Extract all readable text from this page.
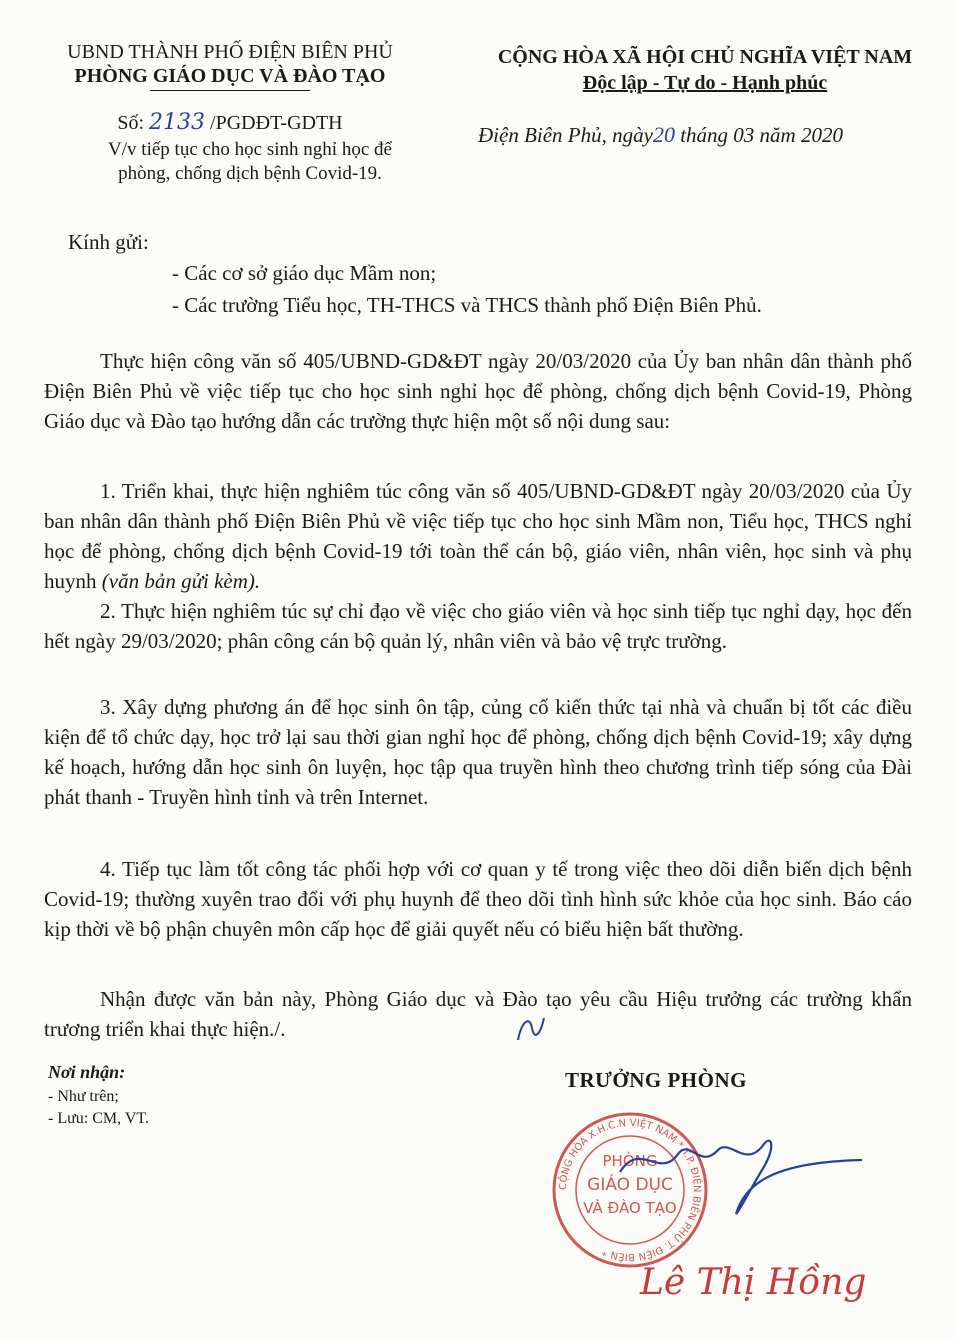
UBND THÀNH PHỐ ĐIỆN BIÊN PHỦ
PHÒNG GIÁO DỤC VÀ ĐÀO TẠO
CỘNG HÒA XÃ HỘI CHỦ NGHĨA VIỆT NAM
Độc lập - Tự do - Hạnh phúc
Số: 2133 /PGDĐT-GDTH
V/v tiếp tục cho học sinh nghỉ học để
phòng, chống dịch bệnh Covid-19.
Điện Biên Phủ, ngày20 tháng 03 năm 2020
Kính gửi:
- Các cơ sở giáo dục Mầm non;
- Các trường Tiểu học, TH-THCS và THCS thành phố Điện Biên Phủ.
Thực hiện công văn số 405/UBND-GD&ĐT ngày 20/03/2020 của Ủy ban nhân dân thành phố Điện Biên Phủ về việc tiếp tục cho học sinh nghỉ học để phòng, chống dịch bệnh Covid-19, Phòng Giáo dục và Đào tạo hướng dẫn các trường thực hiện một số nội dung sau:
1. Triển khai, thực hiện nghiêm túc công văn số 405/UBND-GD&ĐT ngày 20/03/2020 của Ủy ban nhân dân thành phố Điện Biên Phủ về việc tiếp tục cho học sinh Mầm non, Tiểu học, THCS nghỉ học để phòng, chống dịch bệnh Covid-19 tới toàn thể cán bộ, giáo viên, nhân viên, học sinh và phụ huynh (văn bản gửi kèm).
2. Thực hiện nghiêm túc sự chỉ đạo về việc cho giáo viên và học sinh tiếp tục nghỉ dạy, học đến hết ngày 29/03/2020; phân công cán bộ quản lý, nhân viên và bảo vệ trực trường.
3. Xây dựng phương án để học sinh ôn tập, củng cố kiến thức tại nhà và chuẩn bị tốt các điều kiện để tổ chức dạy, học trở lại sau thời gian nghỉ học để phòng, chống dịch bệnh Covid-19; xây dựng kế hoạch, hướng dẫn học sinh ôn luyện, học tập qua truyền hình theo chương trình tiếp sóng của Đài phát thanh - Truyền hình tỉnh và trên Internet.
4. Tiếp tục làm tốt công tác phối hợp với cơ quan y tế trong việc theo dõi diễn biến dịch bệnh Covid-19; thường xuyên trao đổi với phụ huynh để theo dõi tình hình sức khỏe của học sinh. Báo cáo kịp thời về bộ phận chuyên môn cấp học để giải quyết nếu có biểu hiện bất thường.
Nhận được văn bản này, Phòng Giáo dục và Đào tạo yêu cầu Hiệu trưởng các trường khẩn trương triển khai thực hiện./.
Nơi nhận:
- Như trên;
- Lưu: CM, VT.
TRƯỞNG PHÒNG
CỘNG HÒA X.H.C.N VIỆT NAM * T.P. ĐIỆN BIÊN PHỦ T. ĐIỆN BIÊN *
PHÒNG
GIÁO DỤC
VÀ ĐÀO TẠO
Lê Thị Hồng
